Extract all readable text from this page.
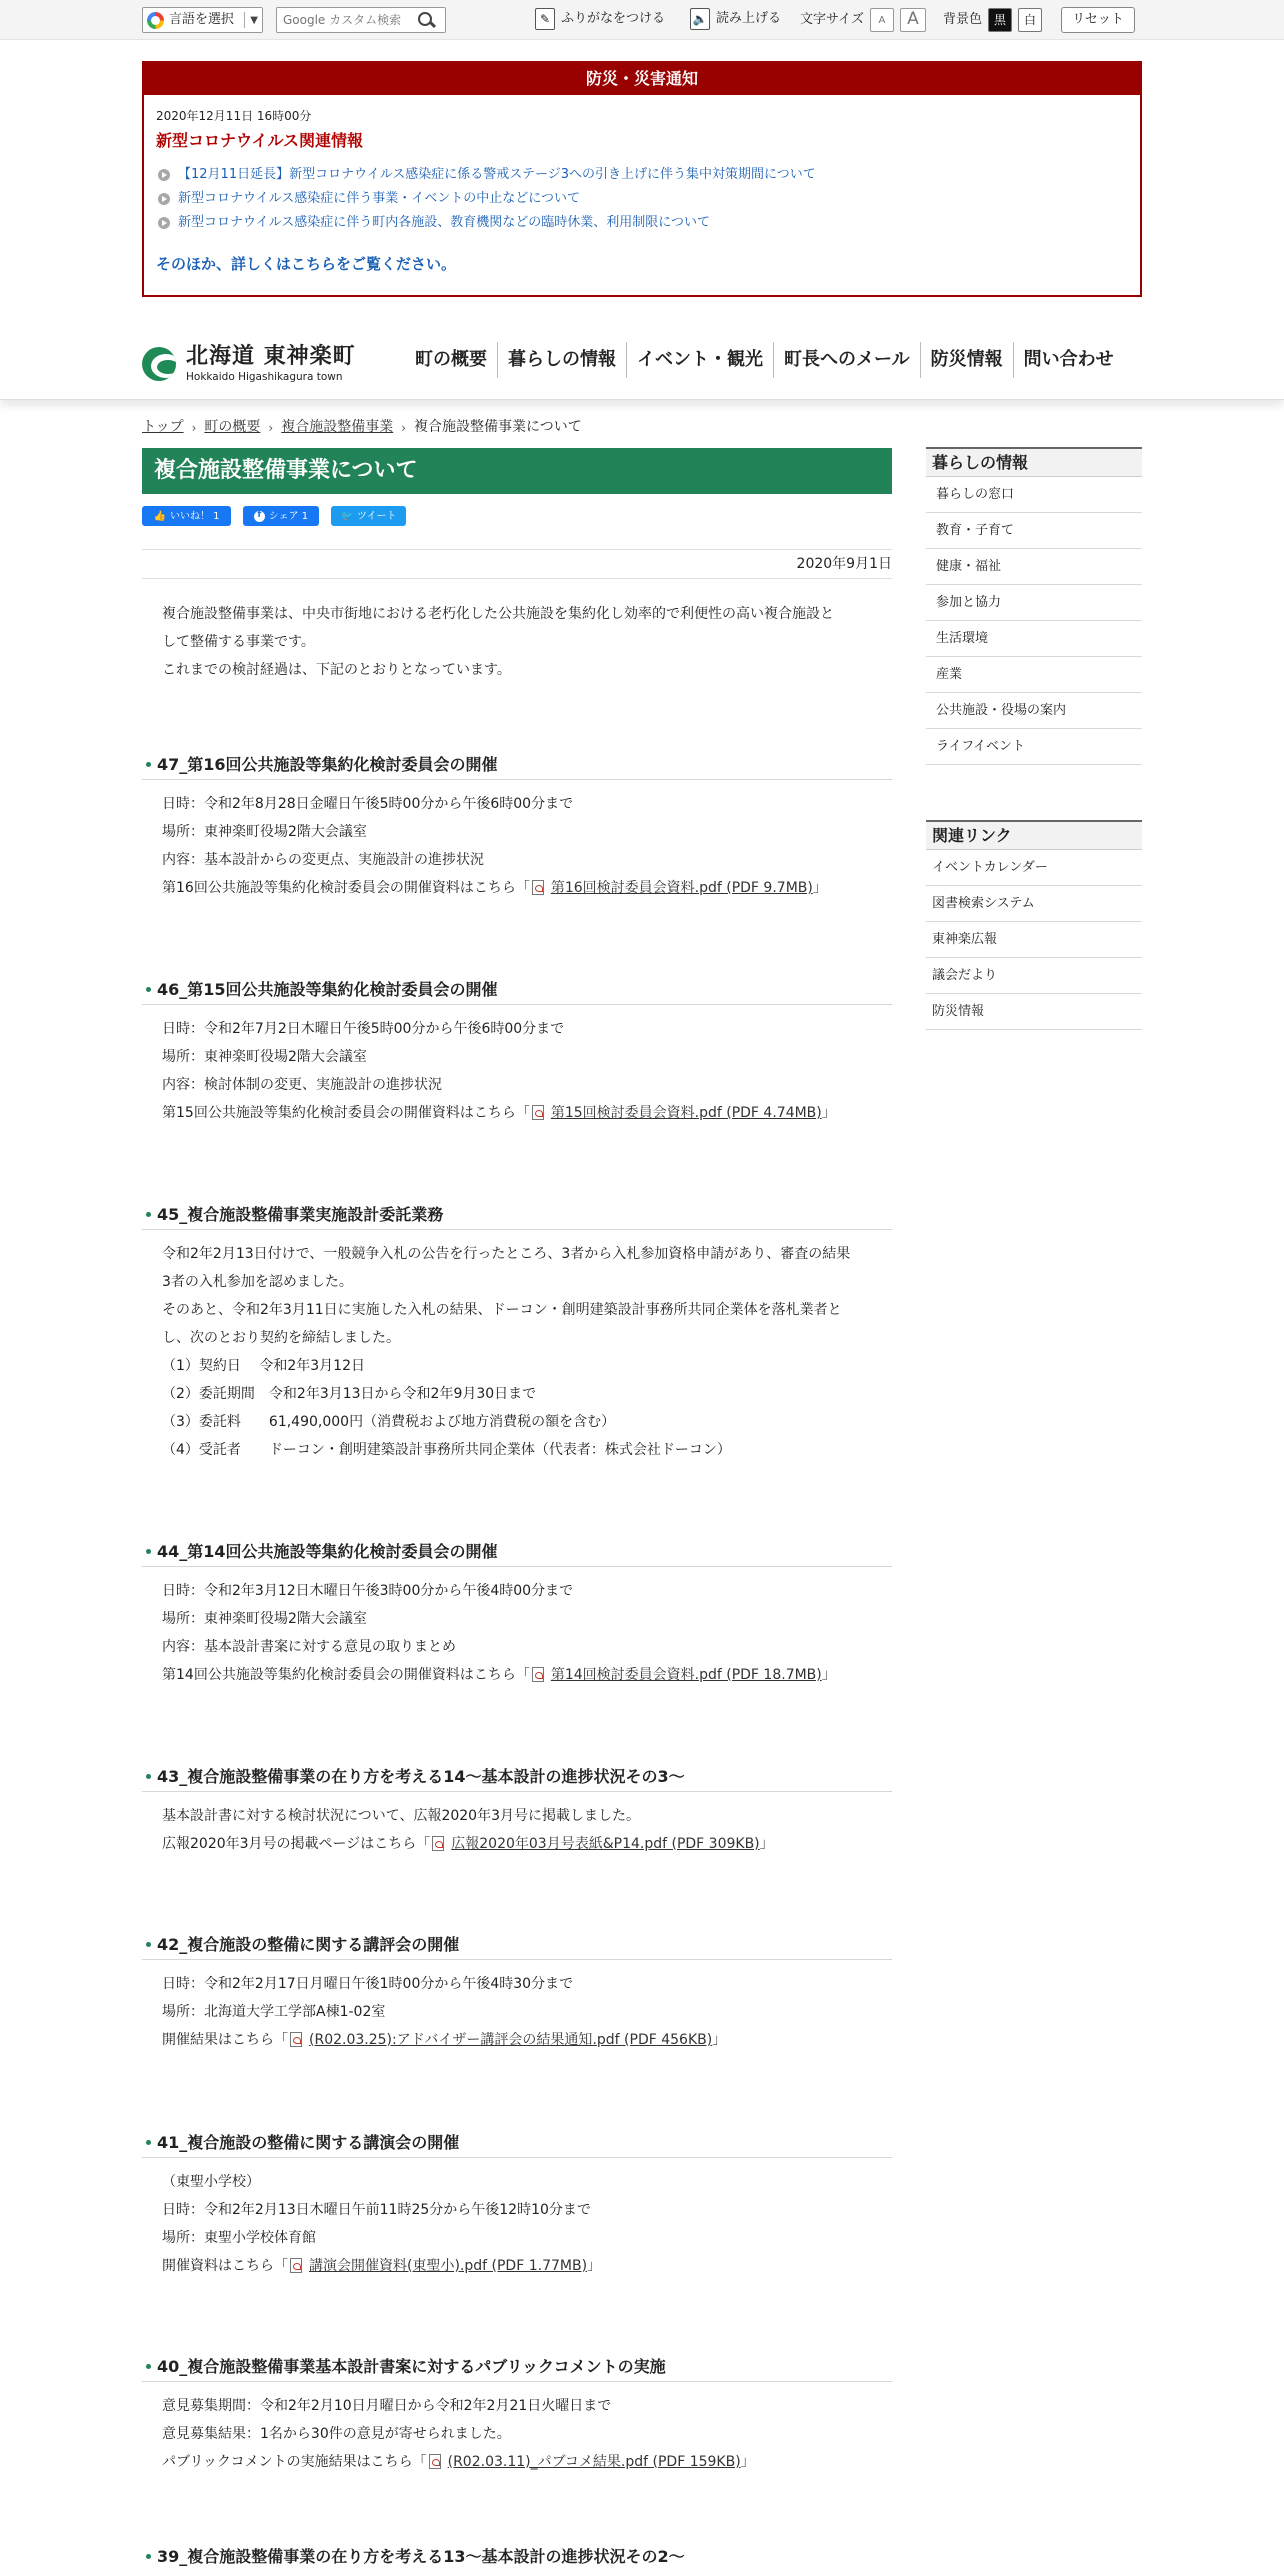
言語を選択 ▼
Google カスタム検索	✎ ふりがなをつける 🔈 読み上げる 文字サイズ	A	A	背景色 黒	白	リセット
防災・災害通知
2020年12月11日 16時00分
新型コロナウイルス関連情報
【12月11日延長】新型コロナウイルス感染症に係る警戒ステージ3への引き上げに伴う集中対策期間について
新型コロナウイルス感染症に伴う事業・イベントの中止などについて
新型コロナウイルス感染症に伴う町内各施設、教育機関などの臨時休業、利用制限について
そのほか、詳しくはこちらをご覧ください。
北海道 東神楽町
Hokkaido Higashikagura town
町の概要	暮らしの情報	イベント・観光	町長へのメール	防災情報	問い合わせ
トップ › 町の概要 › 複合施設整備事業 › 複合施設整備事業について
複合施設整備事業について
👍 いいね！ 1	f シェア 1	🐦 ツイート
2020年9月1日
複合施設整備事業は、中央市街地における老朽化した公共施設を集約化し効率的で利便性の高い複合施設と
して整備する事業です。
これまでの検討経過は、下記のとおりとなっています。
47_第16回公共施設等集約化検討委員会の開催
日時：令和2年8月28日金曜日午後5時00分から午後6時00分まで
場所：東神楽町役場2階大会議室
内容：基本設計からの変更点、実施設計の進捗状況
第16回公共施設等集約化検討委員会の開催資料はこちら「 第16回検討委員会資料.pdf (PDF 9.7MB)」
46_第15回公共施設等集約化検討委員会の開催
日時：令和2年7月2日木曜日午後5時00分から午後6時00分まで
場所：東神楽町役場2階大会議室
内容：検討体制の変更、実施設計の進捗状況
第15回公共施設等集約化検討委員会の開催資料はこちら「 第15回検討委員会資料.pdf (PDF 4.74MB)」
45_複合施設整備事業実施設計委託業務
令和2年2月13日付けで、一般競争入札の公告を行ったところ、3者から入札参加資格申請があり、審査の結果
3者の入札参加を認めました。
そのあと、令和2年3月11日に実施した入札の結果、ドーコン・創明建築設計事務所共同企業体を落札業者と
し、次のとおり契約を締結しました。
（1）契約日　 令和2年3月12日
（2）委託期間　令和2年3月13日から令和2年9月30日まで
（3）委託料　　61,490,000円（消費税および地方消費税の額を含む）
（4）受託者　　ドーコン・創明建築設計事務所共同企業体（代表者：株式会社ドーコン）
44_第14回公共施設等集約化検討委員会の開催
日時：令和2年3月12日木曜日午後3時00分から午後4時00分まで
場所：東神楽町役場2階大会議室
内容：基本設計書案に対する意見の取りまとめ
第14回公共施設等集約化検討委員会の開催資料はこちら「 第14回検討委員会資料.pdf (PDF 18.7MB)」
43_複合施設整備事業の在り方を考える14～基本設計の進捗状況その3～
基本設計書に対する検討状況について、広報2020年3月号に掲載しました。
広報2020年3月号の掲載ページはこちら「 広報2020年03月号表紙&P14.pdf (PDF 309KB)」
42_複合施設の整備に関する講評会の開催
日時：令和2年2月17日月曜日午後1時00分から午後4時30分まで
場所：北海道大学工学部A棟1-02室
開催結果はこちら「 (R02.03.25):アドバイザー講評会の結果通知.pdf (PDF 456KB)」
41_複合施設の整備に関する講演会の開催
（東聖小学校）
日時：令和2年2月13日木曜日午前11時25分から午後12時10分まで
場所：東聖小学校体育館
開催資料はこちら「 講演会開催資料(東聖小).pdf (PDF 1.77MB)」
40_複合施設整備事業基本設計書案に対するパブリックコメントの実施
意見募集期間：令和2年2月10日月曜日から令和2年2月21日火曜日まで
意見募集結果：1名から30件の意見が寄せられました。
パブリックコメントの実施結果はこちら「 (R02.03.11)_パブコメ結果.pdf (PDF 159KB)」
39_複合施設整備事業の在り方を考える13～基本設計の進捗状況その2～
暮らしの情報
暮らしの窓口
教育・子育て
健康・福祉
参加と協力
生活環境
産業
公共施設・役場の案内
ライフイベント
関連リンク
イベントカレンダー
図書検索システム
東神楽広報
議会だより
防災情報
